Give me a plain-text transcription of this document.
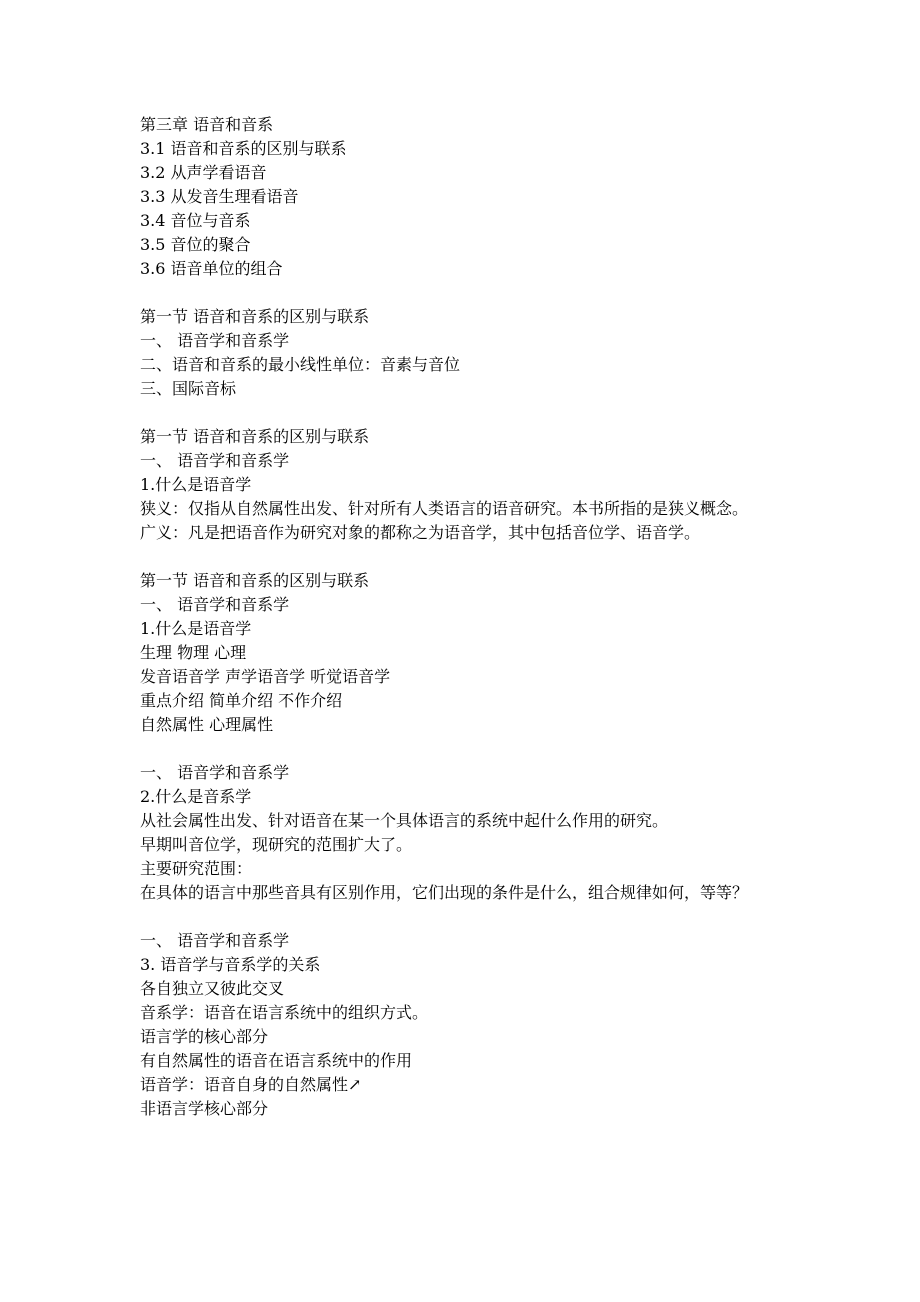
第三章 语音和音系
3.1 语音和音系的区别与联系
3.2 从声学看语音
3.3 从发音生理看语音
3.4 音位与音系
3.5 音位的聚合
3.6 语音单位的组合
第一节 语音和音系的区别与联系
一、 语音学和音系学
二、语音和音系的最小线性单位：音素与音位
三、国际音标
第一节 语音和音系的区别与联系
一、 语音学和音系学
1.什么是语音学
狭义：仅指从自然属性出发、针对所有人类语言的语音研究。本书所指的是狭义概念。
广义：凡是把语音作为研究对象的都称之为语音学，其中包括音位学、语音学。
第一节 语音和音系的区别与联系
一、 语音学和音系学
1.什么是语音学
生理 物理 心理
发音语音学 声学语音学 听觉语音学
重点介绍 简单介绍 不作介绍
自然属性 心理属性
一、 语音学和音系学
2.什么是音系学
从社会属性出发、针对语音在某一个具体语言的系统中起什么作用的研究。
早期叫音位学，现研究的范围扩大了。
主要研究范围：
在具体的语言中那些音具有区别作用，它们出现的条件是什么，组合规律如何，等等？
一、 语音学和音系学
3. 语音学与音系学的关系
各自独立又彼此交叉
音系学：语音在语言系统中的组织方式。
语言学的核心部分
有自然属性的语音在语言系统中的作用
语音学：语音自身的自然属性↗
非语言学核心部分
